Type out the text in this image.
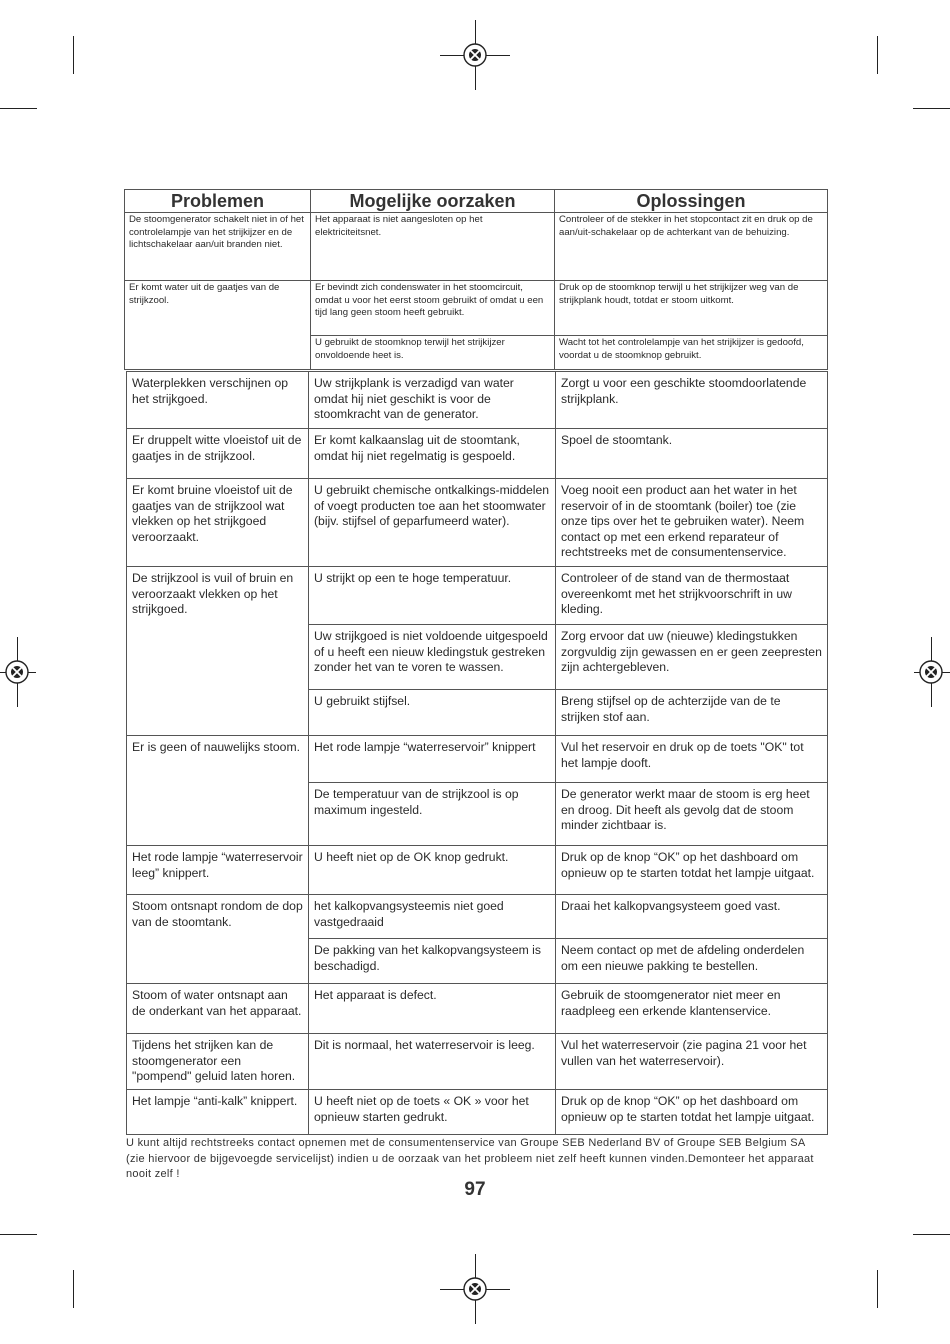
Problemen	Mogelijke oorzaken	Oplossingen
De stoomgenerator schakelt niet in of het controlelampje van het strijkijzer en de lichtschakelaar aan/uit branden niet.	Het apparaat is niet aangesloten op het elektriciteitsnet.	Controleer of de stekker in het stopcontact zit en druk op de aan/uit-schakelaar op de achterkant van de behuizing.
Er komt water uit de gaatjes van de strijkzool.	Er bevindt zich condenswater in het stoomcircuit, omdat u voor het eerst stoom gebruikt of omdat u een tijd lang geen stoom heeft gebruikt.	Druk op de stoomknop terwijl u het strijkijzer weg van de strijkplank houdt, totdat er stoom uitkomt.
	U gebruikt de stoomknop terwijl het strijkijzer onvoldoende heet is.	Wacht tot het controlelampje van het strijkijzer is gedoofd, voordat u de stoomknop gebruikt.
Waterplekken verschijnen op het strijkgoed.	Uw strijkplank is verzadigd van water omdat hij niet geschikt is voor de stoomkracht van de generator.	Zorgt u voor een geschikte stoomdoorlatende strijkplank.
Er druppelt witte vloeistof uit de gaatjes in de strijkzool.	Er komt kalkaanslag uit de stoomtank, omdat hij niet regelmatig is gespoeld.	Spoel de stoomtank.
Er komt bruine vloeistof uit de gaatjes van de strijkzool wat vlekken op het strijkgoed veroorzaakt.	U gebruikt chemische ontkalkings-middelen of voegt producten toe aan het stoomwater (bijv. stijfsel of geparfumeerd water).	Voeg nooit een product aan het water in het reservoir of in de stoomtank (boiler) toe (zie onze tips over het te gebruiken water). Neem contact op met een erkend reparateur of rechtstreeks met de consumentenservice.
De strijkzool is vuil of bruin en veroorzaakt vlekken op het strijkgoed.	U strijkt op een te hoge temperatuur.	Controleer of de stand van de thermostaat overeenkomt met het strijkvoorschrift in uw kleding.
	Uw strijkgoed is niet voldoende uitgespoeld of u heeft een nieuw kledingstuk gestreken zonder het van te voren te wassen.	Zorg ervoor dat uw (nieuwe) kledingstukken zorgvuldig zijn gewassen en er geen zeepresten zijn achtergebleven.
	U gebruikt stijfsel.	Breng stijfsel op de achterzijde van de te strijken stof aan.
Er is geen of nauwelijks stoom.	Het rode lampje “waterreservoir” knippert	Vul het reservoir en druk op de toets "OK" tot het lampje dooft.
	De temperatuur van de strijkzool is op maximum ingesteld.	De generator werkt maar de stoom is erg heet en droog. Dit heeft als gevolg dat de stoom minder zichtbaar is.
Het rode lampje “waterreservoir leeg” knippert.	U heeft niet op de OK knop gedrukt.	Druk op de knop “OK” op het dashboard om opnieuw op te starten totdat het lampje uitgaat.
Stoom ontsnapt rondom de dop van de stoomtank.	het kalkopvangsysteemis niet goed vastgedraaid	Draai het kalkopvangsysteem goed vast.
	De pakking van het kalkopvangsysteem is beschadigd.	Neem contact op met de afdeling onderdelen om een nieuwe pakking te bestellen.
Stoom of water ontsnapt aan de onderkant van het apparaat.	Het apparaat is defect.	Gebruik de stoomgenerator niet meer en raadpleeg een erkende klantenservice.
Tijdens het strijken kan de stoomgenerator een "pompend" geluid laten horen.	Dit is normaal, het waterreservoir is leeg.	Vul het waterreservoir (zie pagina 21 voor het vullen van het waterreservoir).
Het lampje “anti-kalk” knippert.	U heeft niet op de toets « OK » voor het opnieuw starten gedrukt.	Druk op de knop “OK” op het dashboard om opnieuw op te starten totdat het lampje uitgaat.
U kunt altijd rechtstreeks contact opnemen met de consumentenservice van Groupe SEB Nederland BV of Groupe SEB Belgium SA (zie hiervoor de bijgevoegde servicelijst) indien u de oorzaak van het probleem niet zelf heeft kunnen vinden.Demonteer het apparaat nooit zelf !
97
